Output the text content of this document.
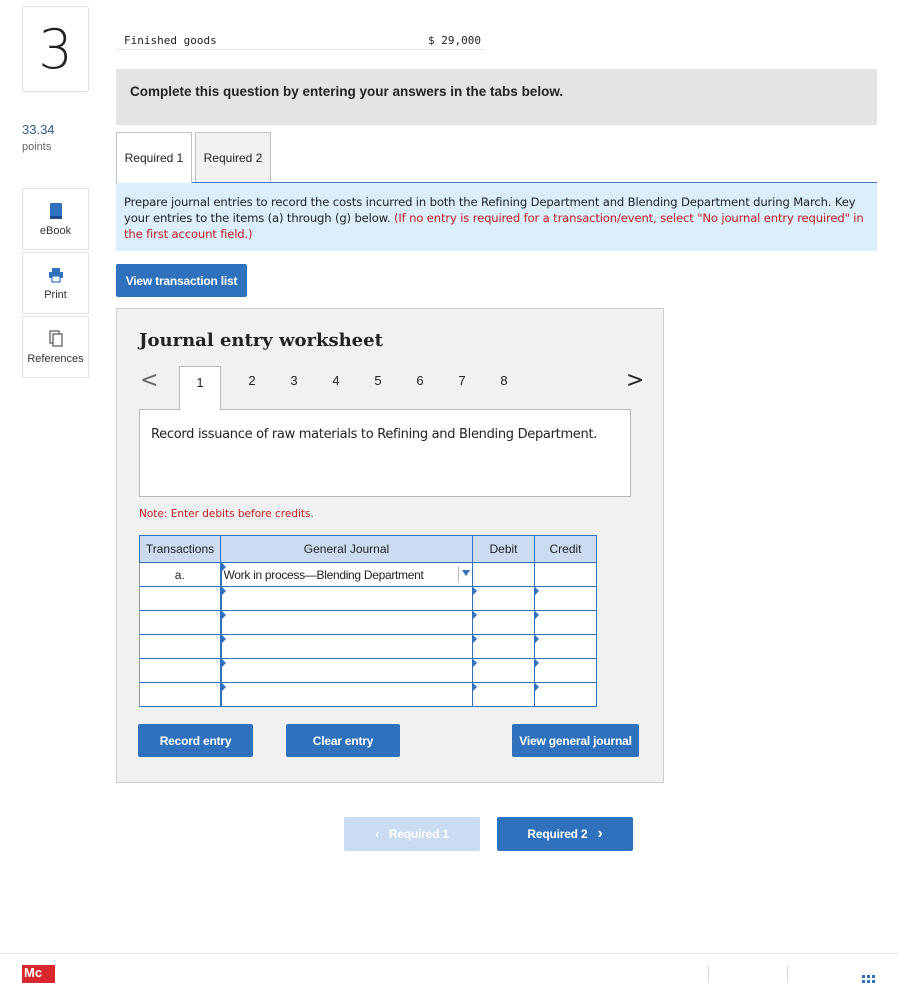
3
33.34
points
eBook
Print
References
Finished goods	$ 29,000
Complete this question by entering your answers in the tabs below.
Required 1	Required 2
Prepare journal entries to record the costs incurred in both the Refining Department and Blending Department during March. Key your entries to the items (a) through (g) below. (If no entry is required for a transaction/event, select "No journal entry required" in the first account field.)
View transaction list
Journal entry worksheet
<	>
1	2	3	4	5	6	7	8
Record issuance of raw materials to Refining and Blending Department.
Note: Enter debits before credits.
Transactions	General Journal	Debit	Credit
a.	Work in process—Blending Department

Record entry	Clear entry	View general journal
‹ Required 1	Required 2 ›
Mc
